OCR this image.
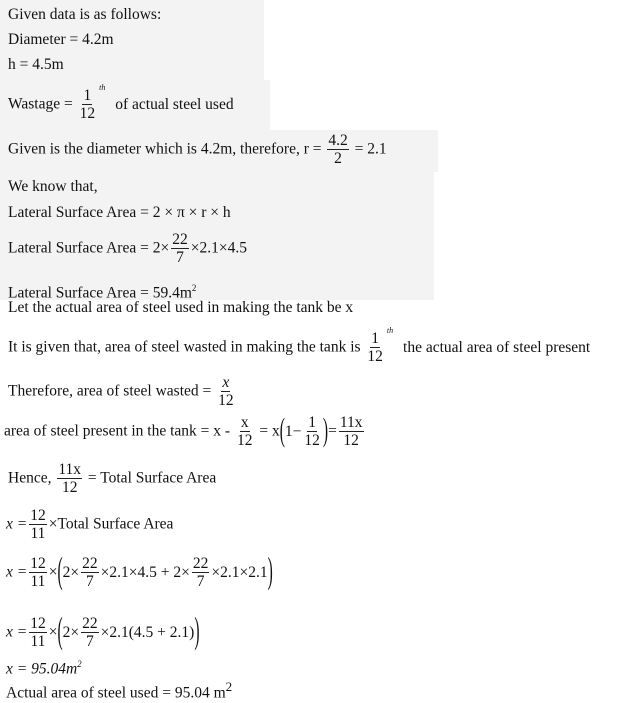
Given data is as follows:
Diameter = 4.2m
h = 4.5m
Wastage = $\frac{1}{12} ^{th}$ of actual steel used
Given is the diameter which is 4.2m, therefore, $r = \frac{4.2}{2} = 2.1$
We know that,
Lateral Surface Area = 2 × π × r × h
Lateral Surface Area = $2\times \frac{22}{7} \times 2.1\times 4.5$
Lateral Surface Area = $59.4m^2$
Let the actual area of steel used in making the tank be x
It is given that, area of steel wasted in making the tank is $\frac{1}{12} ^{th}$ the actual area of steel present
Therefore, area of steel wasted = $\frac{x}{12}$
area of steel present in the $\tan k = x - \frac{x}{12} = x$ ( $1- \frac{1}{12}$ ) = $\frac{11x}{12}$
Hence, $\frac{11x}{12}$ = Total Surface Area
$x = \frac{12}{11}$ ×Total Surface Area
$x = \frac{12}{11}$ × ( $2\times \frac{22}{7} \times 2.1\times 4.5 + 2\times \frac{22}{7} \times 2.1\times 2.1$ )
$x = \frac{12}{11}$ × ( $2\times \frac{22}{7} \times 2.1(4.5 + 2.1)$ )
$x = 95.04m^2$
Actual area of steel used = 95.04 $m^2$
